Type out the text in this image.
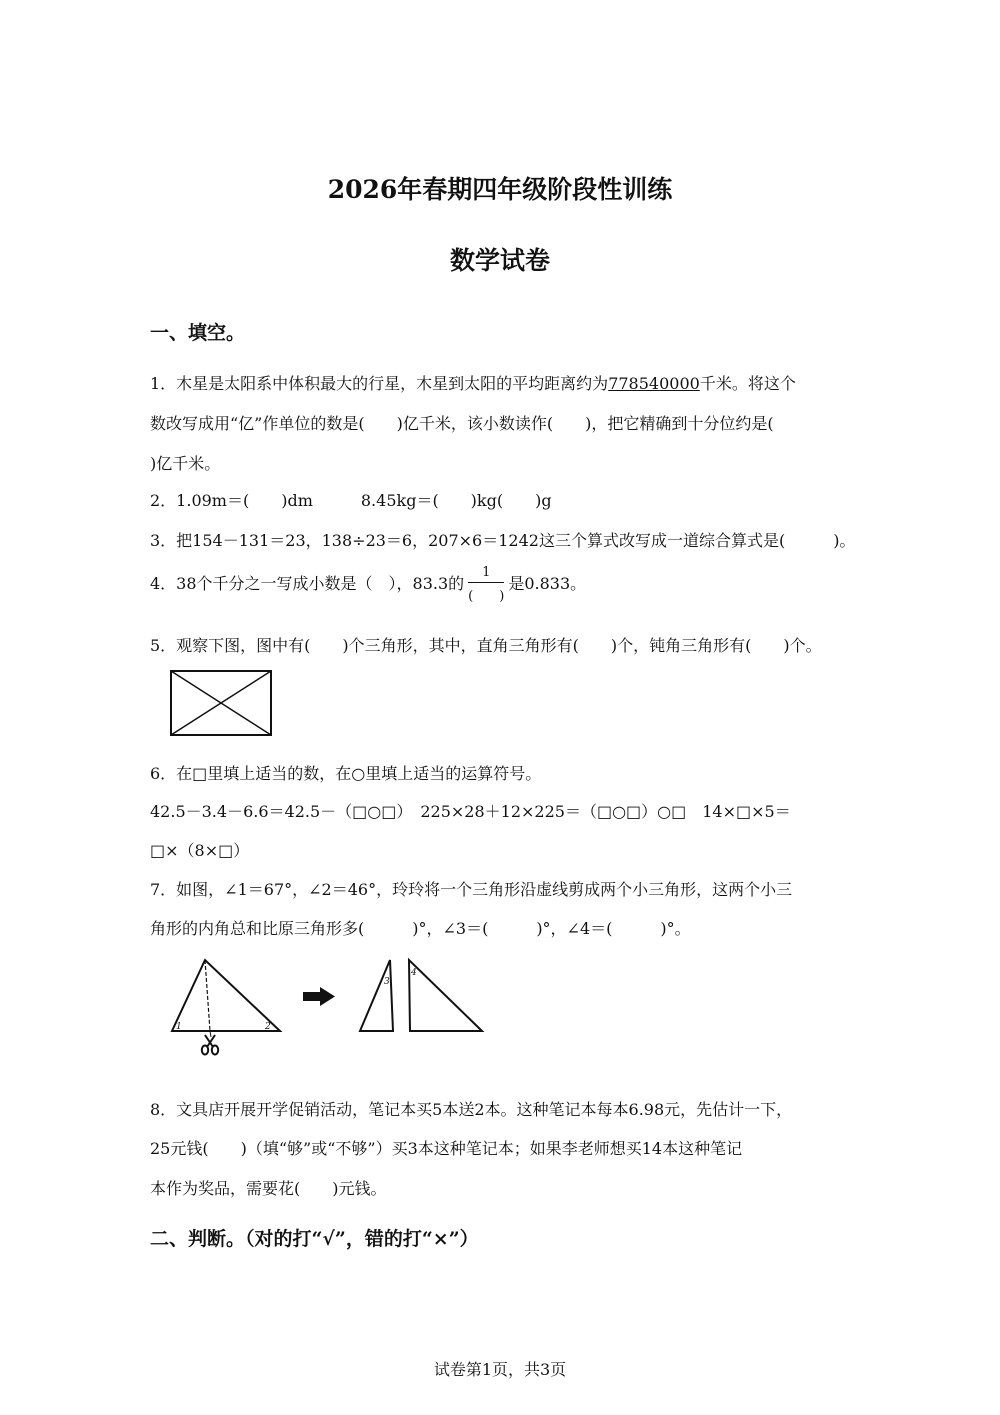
2026年春期四年级阶段性训练
数学试卷
一、填空。
1．木星是太阳系中体积最大的行星，木星到太阳的平均距离约为778540000千米。将这个
数改写成用“亿”作单位的数是(　　)亿千米，该小数读作(　　)，把它精确到十分位约是(
)亿千米。
2．1.09m＝(　　)dm　　　8.45kg＝(　　)kg(　　)g
3．把154－131＝23，138÷23＝6，207×6＝1242这三个算式改写成一道综合算式是(　　　)。
4．38个千分之一写成小数是（　），83.3的 $\frac{1}{( )}$ 是0.833。
5．观察下图，图中有(　　)个三角形，其中，直角三角形有(　　)个，钝角三角形有(　　)个。
6．在□里填上适当的数，在○里填上适当的运算符号。
42.5－3.4－6.6＝42.5－（□○□）　225×28＋12×225＝（□○□）○□　14×□×5＝
□×（8×□）
7．如图，∠1＝67°，∠2＝46°，玲玲将一个三角形沿虚线剪成两个小三角形，这两个小三
角形的内角总和比原三角形多(　　　)°，∠3＝(　　　)°，∠4＝(　　　)°。
1	2
3
4
8．文具店开展开学促销活动，笔记本买5本送2本。这种笔记本每本6.98元，先估计一下，
25元钱(　　)（填“够”或“不够”）买3本这种笔记本；如果李老师想买14本这种笔记
本作为奖品，需要花(　　)元钱。
二、判断。（对的打“√”，错的打“×”）
试卷第1页，共3页
